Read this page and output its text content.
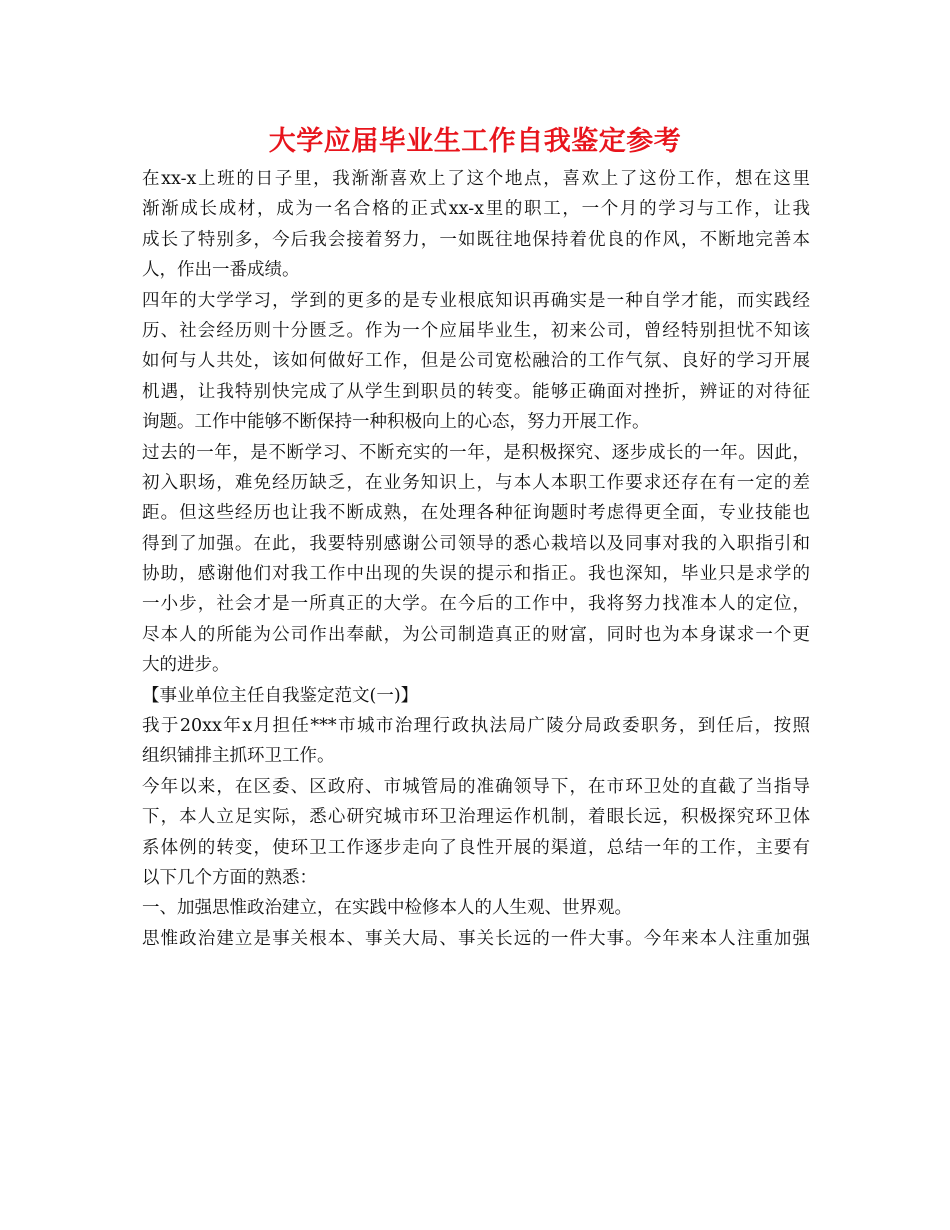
大学应届毕业生工作自我鉴定参考
在xx-x上班的日子里，我渐渐喜欢上了这个地点，喜欢上了这份工作，想在这里
渐渐成长成材，成为一名合格的正式xx-x里的职工，一个月的学习与工作，让我
成长了特别多，今后我会接着努力，一如既往地保持着优良的作风，不断地完善本
人，作出一番成绩。
四年的大学学习，学到的更多的是专业根底知识再确实是一种自学才能，而实践经
历、社会经历则十分匮乏。作为一个应届毕业生，初来公司，曾经特别担忧不知该
如何与人共处，该如何做好工作，但是公司宽松融洽的工作气氛、良好的学习开展
机遇，让我特别快完成了从学生到职员的转变。能够正确面对挫折，辨证的对待征
询题。工作中能够不断保持一种积极向上的心态，努力开展工作。
过去的一年，是不断学习、不断充实的一年，是积极探究、逐步成长的一年。因此，
初入职场，难免经历缺乏，在业务知识上，与本人本职工作要求还存在有一定的差
距。但这些经历也让我不断成熟，在处理各种征询题时考虑得更全面，专业技能也
得到了加强。在此，我要特别感谢公司领导的悉心栽培以及同事对我的入职指引和
协助，感谢他们对我工作中出现的失误的提示和指正。我也深知，毕业只是求学的
一小步，社会才是一所真正的大学。在今后的工作中，我将努力找准本人的定位，
尽本人的所能为公司作出奉献，为公司制造真正的财富，同时也为本身谋求一个更
大的进步。
【事业单位主任自我鉴定范文(一)】
我于20xx年x月担任***市城市治理行政执法局广陵分局政委职务，到任后，按照
组织铺排主抓环卫工作。
今年以来，在区委、区政府、市城管局的准确领导下，在市环卫处的直截了当指导
下，本人立足实际，悉心研究城市环卫治理运作机制，着眼长远，积极探究环卫体
系体例的转变，使环卫工作逐步走向了良性开展的渠道，总结一年的工作，主要有
以下几个方面的熟悉：
一、加强思惟政治建立，在实践中检修本人的人生观、世界观。
思惟政治建立是事关根本、事关大局、事关长远的一件大事。今年来本人注重加强
